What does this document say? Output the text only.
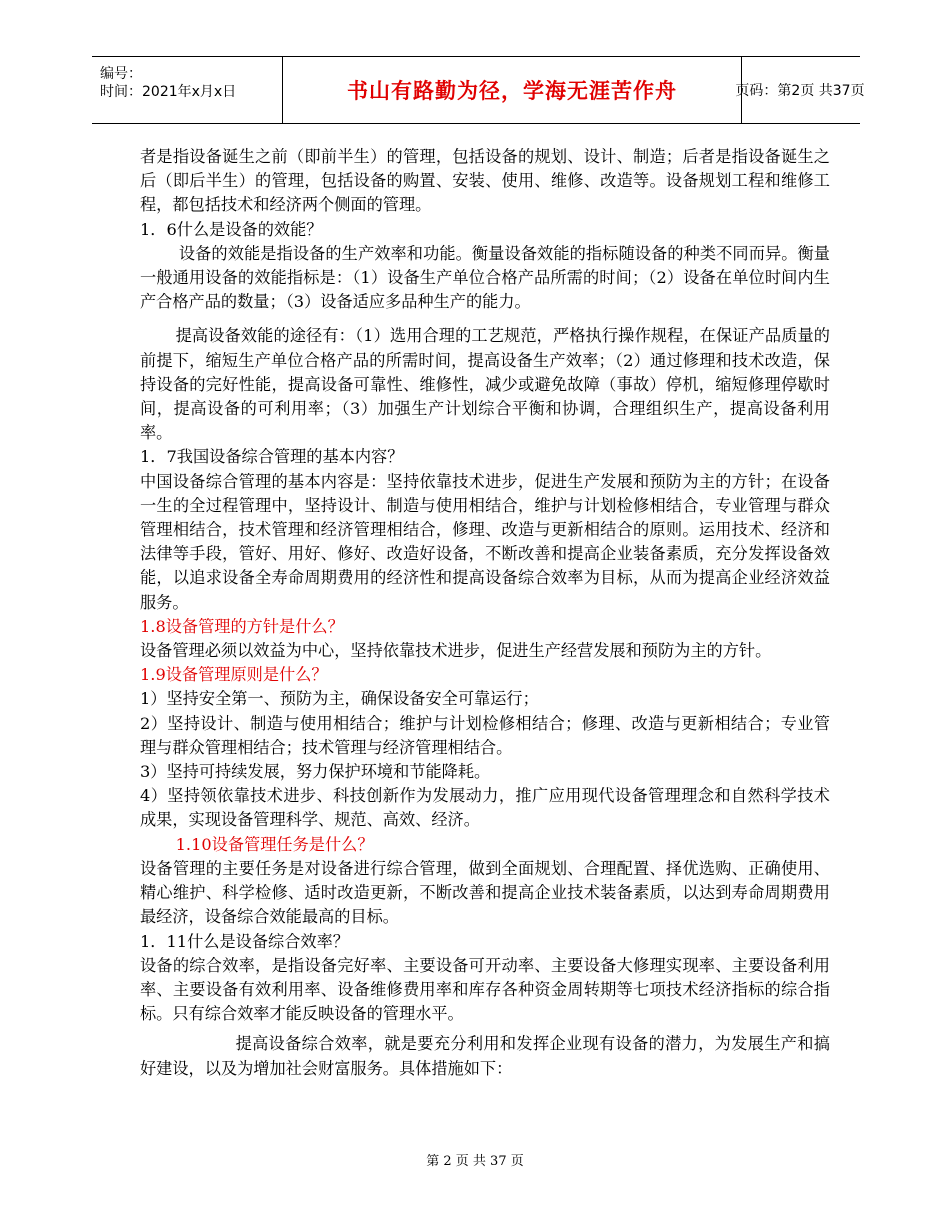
编号：
时间：2021年x月x日	书山有路勤为径，学海无涯苦作舟	页码：第2页 共37页

者是指设备诞生之前（即前半生）的管理，包括设备的规划、设计、制造；后者是指设备诞生之后（即后半生）的管理，包括设备的购置、安装、使用、维修、改造等。设备规划工程和维修工程，都包括技术和经济两个侧面的管理。

1．6什么是设备的效能？

设备的效能是指设备的生产效率和功能。衡量设备效能的指标随设备的种类不同而异。衡量一般通用设备的效能指标是：（1）设备生产单位合格产品所需的时间；（2）设备在单位时间内生产合格产品的数量；（3）设备适应多品种生产的能力。

提高设备效能的途径有：（1）选用合理的工艺规范，严格执行操作规程，在保证产品质量的前提下，缩短生产单位合格产品的所需时间，提高设备生产效率；（2）通过修理和技术改造，保持设备的完好性能，提高设备可靠性、维修性，减少或避免故障（事故）停机，缩短修理停歇时间，提高设备的可利用率；（3）加强生产计划综合平衡和协调，合理组织生产，提高设备利用率。

1．7我国设备综合管理的基本内容？

中国设备综合管理的基本内容是：坚持依靠技术进步，促进生产发展和预防为主的方针；在设备一生的全过程管理中，坚持设计、制造与使用相结合，维护与计划检修相结合，专业管理与群众管理相结合，技术管理和经济管理相结合，修理、改造与更新相结合的原则。运用技术、经济和法律等手段，管好、用好、修好、改造好设备，不断改善和提高企业装备素质，充分发挥设备效能，以追求设备全寿命周期费用的经济性和提高设备综合效率为目标，从而为提高企业经济效益服务。

1.8设备管理的方针是什么？

设备管理必须以效益为中心，坚持依靠技术进步，促进生产经营发展和预防为主的方针。

1.9设备管理原则是什么？

1）坚持安全第一、预防为主，确保设备安全可靠运行；

2）坚持设计、制造与使用相结合；维护与计划检修相结合；修理、改造与更新相结合；专业管理与群众管理相结合；技术管理与经济管理相结合。

3）坚持可持续发展，努力保护环境和节能降耗。

4）坚持领依靠技术进步、科技创新作为发展动力，推广应用现代设备管理理念和自然科学技术成果，实现设备管理科学、规范、高效、经济。

1.10设备管理任务是什么？

设备管理的主要任务是对设备进行综合管理，做到全面规划、合理配置、择优选购、正确使用、精心维护、科学检修、适时改造更新，不断改善和提高企业技术装备素质，以达到寿命周期费用最经济，设备综合效能最高的目标。

1．11什么是设备综合效率？

设备的综合效率，是指设备完好率、主要设备可开动率、主要设备大修理实现率、主要设备利用率、主要设备有效利用率、设备维修费用率和库存各种资金周转期等七项技术经济指标的综合指标。只有综合效率才能反映设备的管理水平。

提高设备综合效率，就是要充分利用和发挥企业现有设备的潜力，为发展生产和搞好建设，以及为增加社会财富服务。具体措施如下：

第 2 页 共 37 页
